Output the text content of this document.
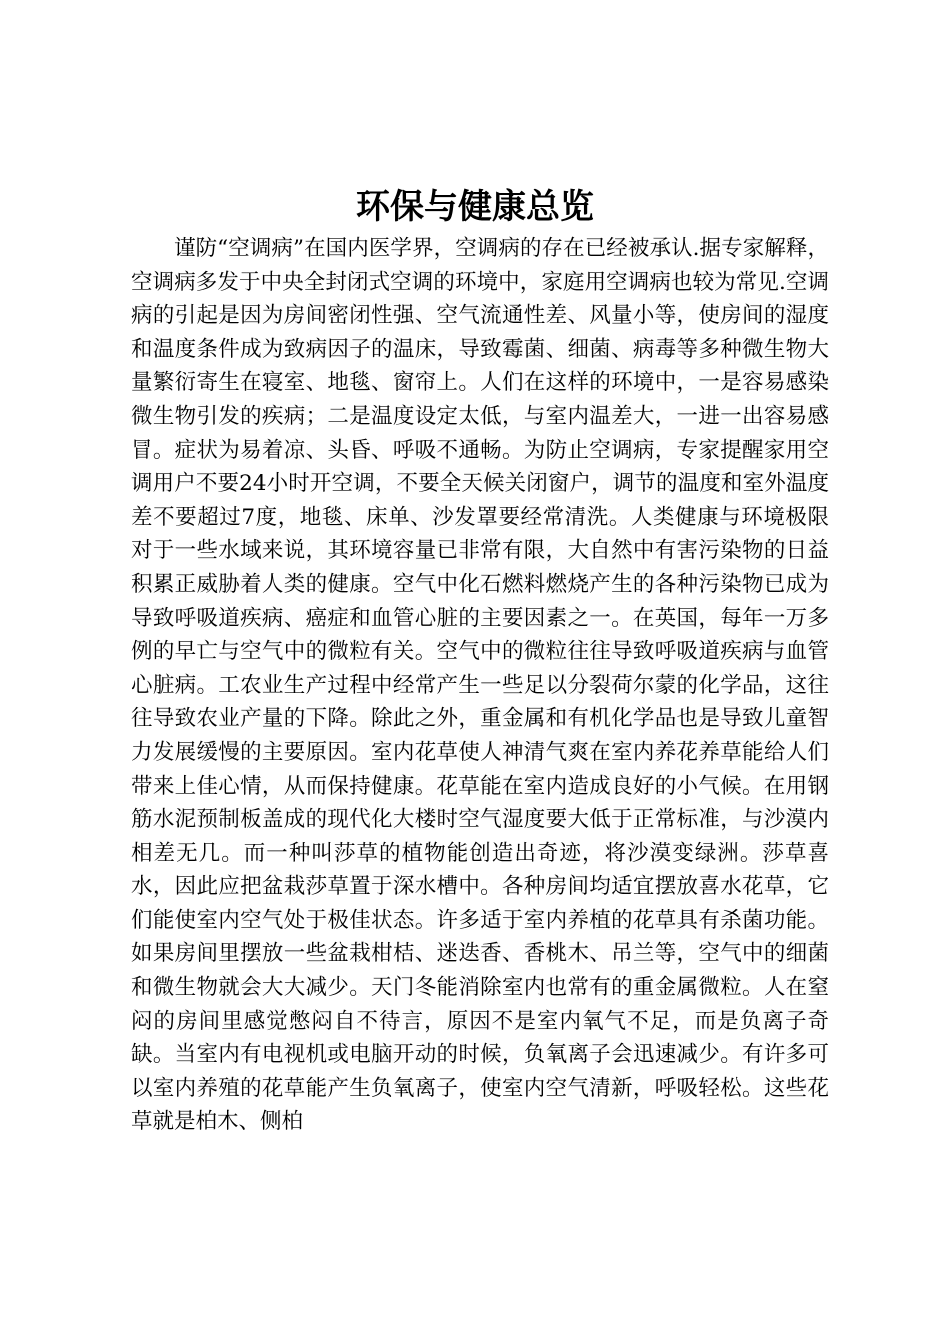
环保与健康总览

谨防“空调病”在国内医学界，空调病的存在已经被承认.据专家解释，空调病多发于中央全封闭式空调的环境中，家庭用空调病也较为常见.空调病的引起是因为房间密闭性强、空气流通性差、风量小等，使房间的湿度和温度条件成为致病因子的温床，导致霉菌、细菌、病毒等多种微生物大量繁衍寄生在寝室、地毯、窗帘上。人们在这样的环境中，一是容易感染微生物引发的疾病；二是温度设定太低，与室内温差大，一进一出容易感冒。症状为易着凉、头昏、呼吸不通畅。为防止空调病，专家提醒家用空调用户不要24小时开空调，不要全天候关闭窗户，调节的温度和室外温度差不要超过7度，地毯、床单、沙发罩要经常清洗。人类健康与环境极限对于一些水域来说，其环境容量已非常有限，大自然中有害污染物的日益积累正威胁着人类的健康。空气中化石燃料燃烧产生的各种污染物已成为导致呼吸道疾病、癌症和血管心脏的主要因素之一。在英国，每年一万多例的早亡与空气中的微粒有关。空气中的微粒往往导致呼吸道疾病与血管心脏病。工农业生产过程中经常产生一些足以分裂荷尔蒙的化学品，这往往导致农业产量的下降。除此之外，重金属和有机化学品也是导致儿童智力发展缓慢的主要原因。室内花草使人神清气爽在室内养花养草能给人们带来上佳心情，从而保持健康。花草能在室内造成良好的小气候。在用钢筋水泥预制板盖成的现代化大楼时空气湿度要大低于正常标准，与沙漠内相差无几。而一种叫莎草的植物能创造出奇迹，将沙漠变绿洲。莎草喜水，因此应把盆栽莎草置于深水槽中。各种房间均适宜摆放喜水花草，它们能使室内空气处于极佳状态。许多适于室内养植的花草具有杀菌功能。如果房间里摆放一些盆栽柑桔、迷迭香、香桃木、吊兰等，空气中的细菌和微生物就会大大减少。天门冬能消除室内也常有的重金属微粒。人在窒闷的房间里感觉憋闷自不待言，原因不是室内氧气不足，而是负离子奇缺。当室内有电视机或电脑开动的时候，负氧离子会迅速减少。有许多可以室内养殖的花草能产生负氧离子，使室内空气清新，呼吸轻松。这些花草就是柏木、侧柏
